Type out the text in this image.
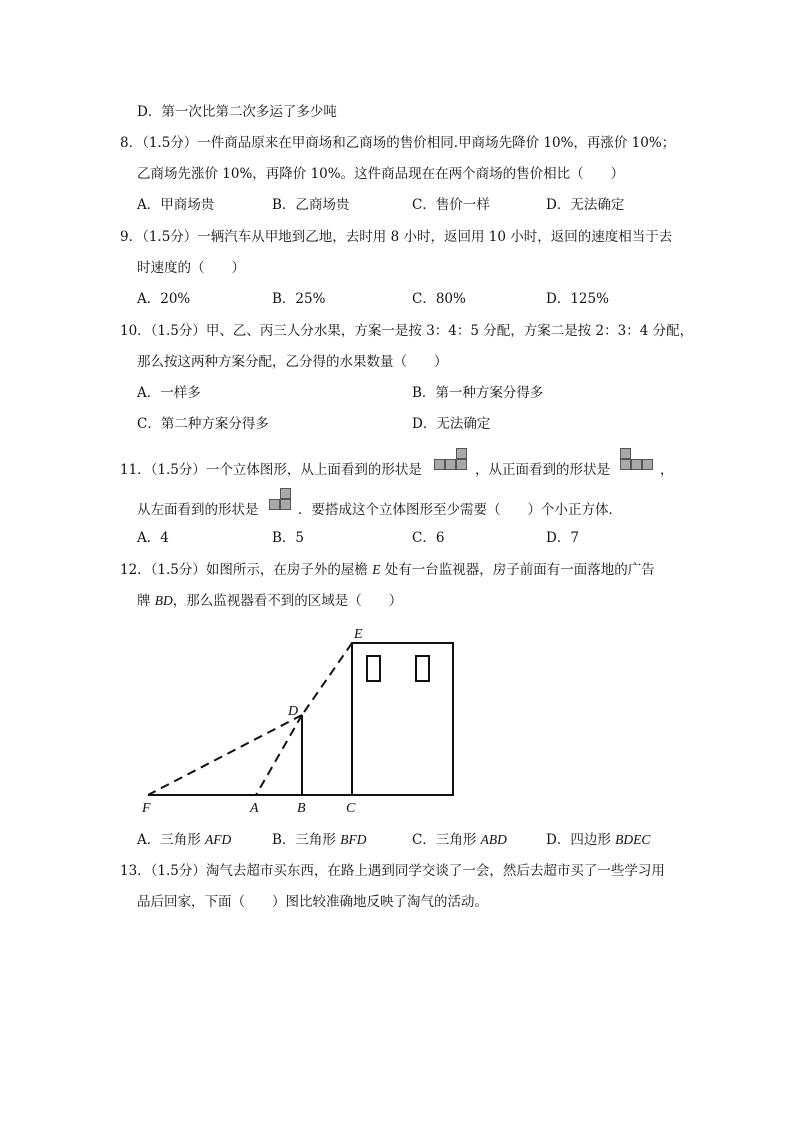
D．第一次比第二次多运了多少吨
8．（1.5分）一件商品原来在甲商场和乙商场的售价相同.甲商场先降价 10%，再涨价 10%；
乙商场先涨价 10%，再降价 10%。这件商品现在在两个商场的售价相比（　　）
A．甲商场贵	B．乙商场贵	C．售价一样	D．无法确定
9．（1.5分）一辆汽车从甲地到乙地，去时用 8 小时，返回用 10 小时，返回的速度相当于去
时速度的（　　）
A．20%	B．25%	C．80%	D．125%
10．（1.5分）甲、乙、丙三人分水果，方案一是按 3：4：5 分配，方案二是按 2：3：4 分配，
那么按这两种方案分配，乙分得的水果数量（　　）
A．一样多	B．第一种方案分得多
C．第二种方案分得多	D．无法确定
11．（1.5分）一个立体图形，从上面看到的形状是	，从正面看到的形状是	，
从左面看到的形状是	．要搭成这个立体图形至少需要（　　）个小正方体．
A．4	B．5	C．6	D．7
12．（1.5分）如图所示，在房子外的屋檐 E 处有一台监视器，房子前面有一面落地的广告
牌 BD，那么监视器看不到的区域是（　　）
E
D
F	A	B	C
A．三角形 AFD	B．三角形 BFD	C．三角形 ABD	D．四边形 BDEC
13．（1.5分）淘气去超市买东西，在路上遇到同学交谈了一会，然后去超市买了一些学习用
品后回家，下面（　　）图比较准确地反映了淘气的活动。
